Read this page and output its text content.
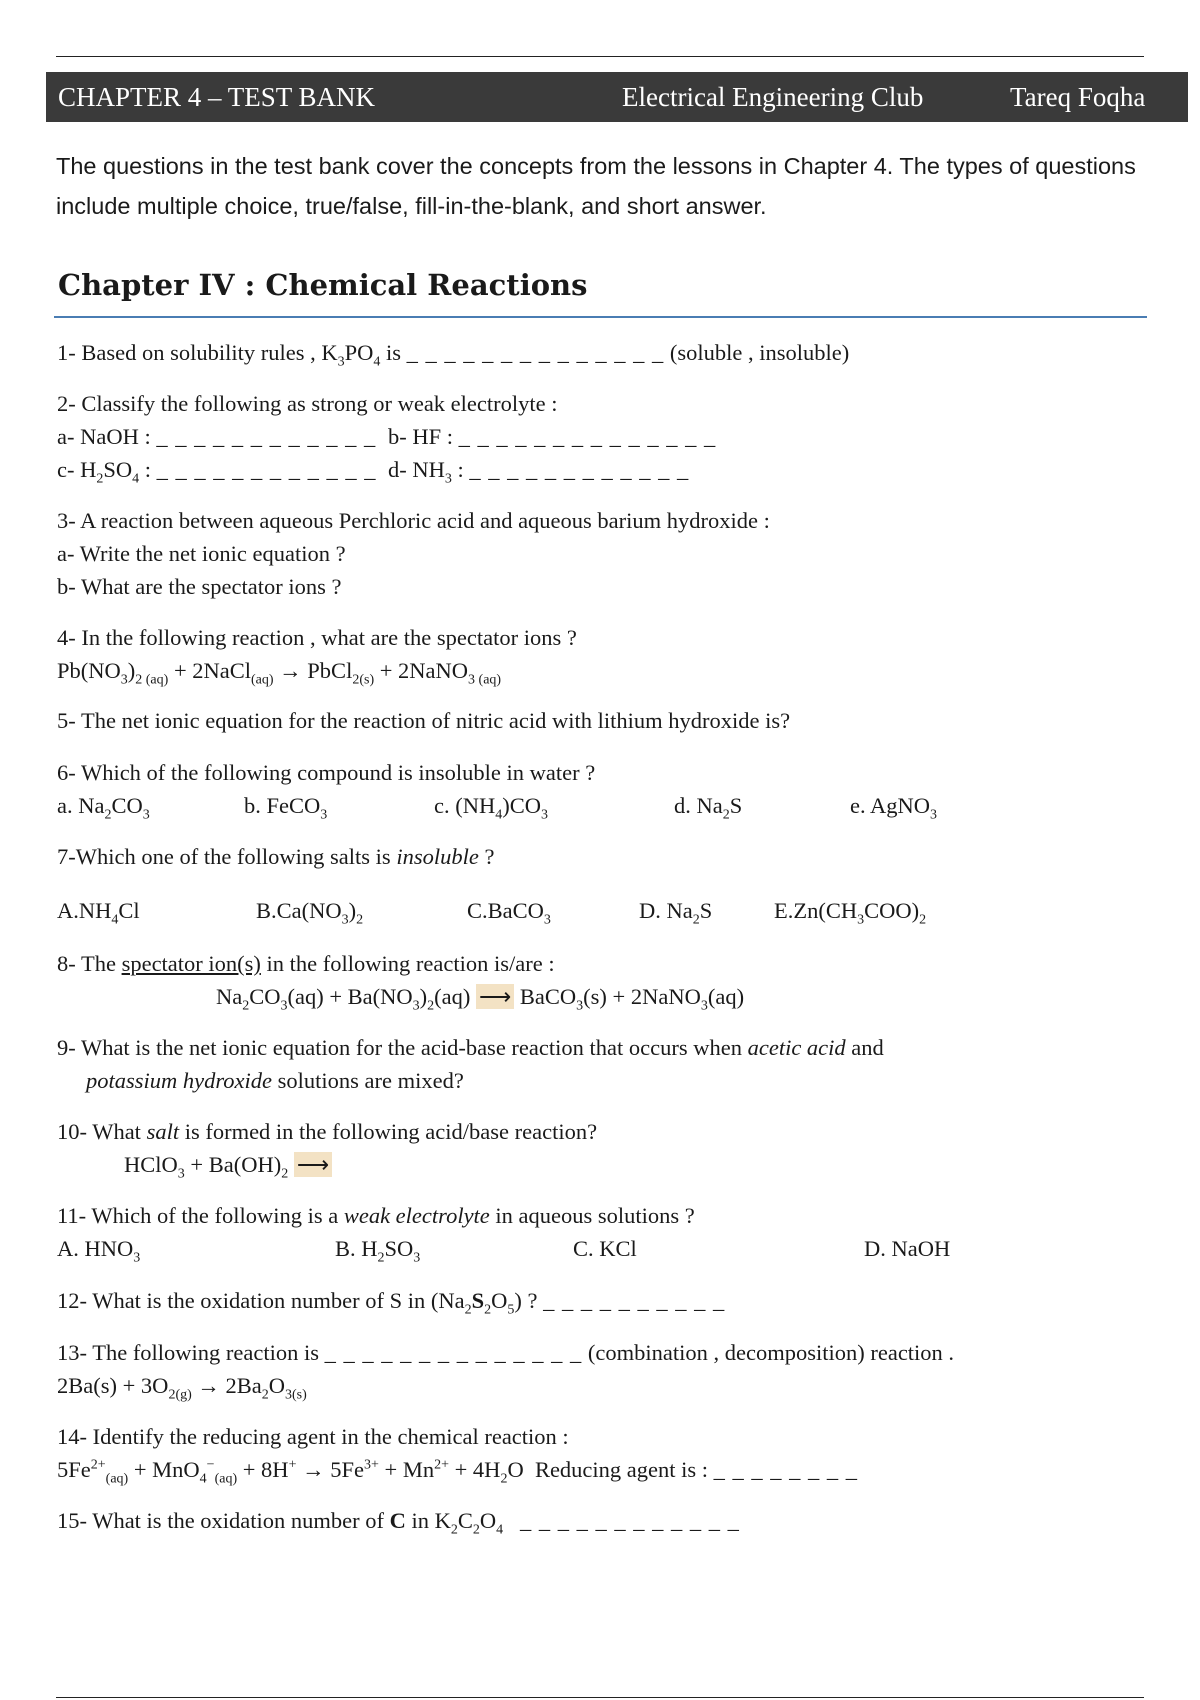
CHAPTER 4 – TEST BANK	Electrical Engineering Club	Tareq Foqha

The questions in the test bank cover the concepts from the lessons in Chapter 4. The types of questions include multiple choice, true/false, fill-in-the-blank, and short answer.

Chapter IV : Chemical Reactions
1- Based on solubility rules , $K_3PO_4$ is _ _ _ _ _ _ _ _ _ _ _ _ _ _ (soluble , insoluble)
2- Classify the following as strong or weak electrolyte :
a- NaOH : _ _ _ _ _ _ _ _ _ _ _ _ b- HF : _ _ _ _ _ _ _ _ _ _ _ _ _ _
c- $H_2SO_4$ : _ _ _ _ _ _ _ _ _ _ _ _ d- $NH_3$ : _ _ _ _ _ _ _ _ _ _ _ _
3- A reaction between aqueous Perchloric acid and aqueous barium hydroxide :
a- Write the net ionic equation ?
b- What are the spectator ions ?
4- In the following reaction , what are the spectator ions ?
$Pb(NO_3)_{2 (aq)}$ + 2NaCl$_{(aq)}$ → PbCl$_{2(s)}$ + 2NaNO$_{3 (aq)}$
5- The net ionic equation for the reaction of nitric acid with lithium hydroxide is?
6- Which of the following compound is insoluble in water ?
a. $Na_2CO_3$	b. FeCO$_3$	c. $(NH_4)CO_3$	d. $Na_2S$	e. AgNO$_3$
7-Which one of the following salts is insoluble ?
$A.NH_4Cl$	$B.Ca(NO_3)_2$	C.BaCO$_3$	D. $Na_2S$	$E.Zn(CH_3COO)_2$
8- The spectator ion(s) in the following reaction is/are :
$Na_2CO_3(aq) + Ba(NO_3)_2(aq)$ ⟶ BaCO$_3$(s) + 2NaNO$_3$(aq)
9- What is the net ionic equation for the acid-base reaction that occurs when acetic acid and
potassium hydroxide solutions are mixed?
10- What salt is formed in the following acid/base reaction?
HClO$_3$ + $Ba(OH)_2$ ⟶
11- Which of the following is a weak electrolyte in aqueous solutions ?
A. $HNO_3$	B. $H_2SO_3$	C. KCl	D. NaOH
12- What is the oxidation number of S in $(Na_2S_2O_5)$ ? _ _ _ _ _ _ _ _ _ _
13- The following reaction is _ _ _ _ _ _ _ _ _ _ _ _ _ _ (combination , decomposition) reaction .
$2Ba(s) + 3O_{2(g)} \to 2Ba_2O_{3(s)}$
14- Identify the reducing agent in the chemical reaction :
$5Fe^{2+}_{(aq)} + MnO_4^-_{(aq)} + 8H^+ \to 5Fe^{3+} + Mn^{2+} + 4H_2O$  Reducing agent is : _ _ _ _ _ _ _ _
15- What is the oxidation number of C in $K_2C_2O_4$ _ _ _ _ _ _ _ _ _ _ _ _
